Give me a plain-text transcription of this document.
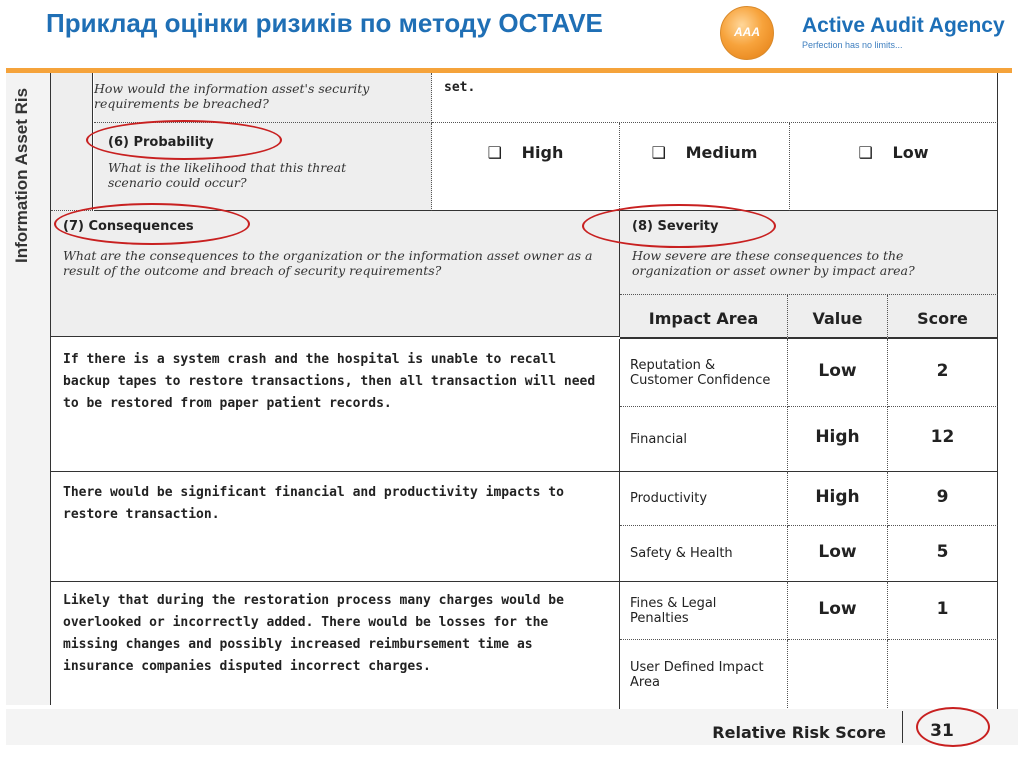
Приклад оцінки ризиків по методу OCTAVE	AAA	Active Audit Agency
Perfection has no limits...
Information Asset Ris	How would the information asset's security requirements be breached?
set.
(6) Probability
What is the likelihood that this threat scenario could occur?
❑ High	❑ Medium	❑ Low
(7) Consequences
What are the consequences to the organization or the information asset owner as a result of the outcome and breach of security requirements?
(8) Severity
How severe are these consequences to the organization or asset owner by impact area?
Impact Area	Value	Score
If there is a system crash and the hospital is unable to recall backup tapes to restore transactions, then all transaction will need to be restored from paper patient records.
There would be significant financial and productivity impacts to restore transaction.
Likely that during the restoration process many charges would be overlooked or incorrectly added. There would be losses for the missing changes and possibly increased reimbursement time as insurance companies disputed incorrect charges.
Reputation & Customer Confidence	Low	2
Financial	High	12
Productivity	High	9
Safety & Health	Low	5
Fines & Legal Penalties	Low	1
User Defined Impact Area
Relative Risk Score	31
